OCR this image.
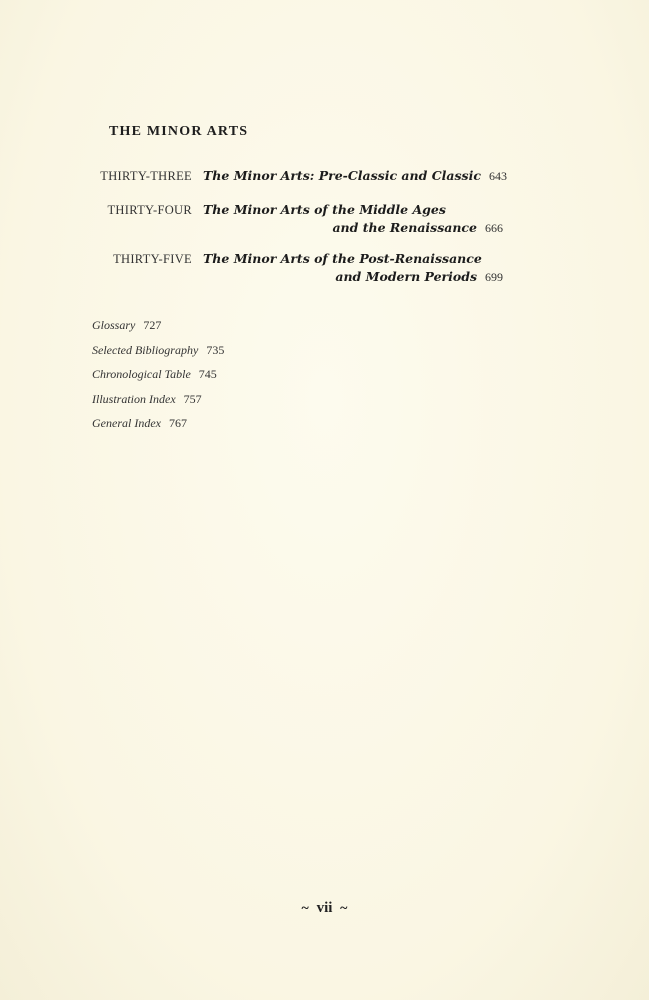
THE MINOR ARTS
THIRTY-THREE The Minor Arts: Pre-Classic and Classic 643
THIRTY-FOUR The Minor Arts of the Middle Ages
and the Renaissance 666
THIRTY-FIVE The Minor Arts of the Post-Renaissance
and Modern Periods 699
Glossary 727
Selected Bibliography 735
Chronological Table 745
Illustration Index 757
General Index 767
~ vii ~
